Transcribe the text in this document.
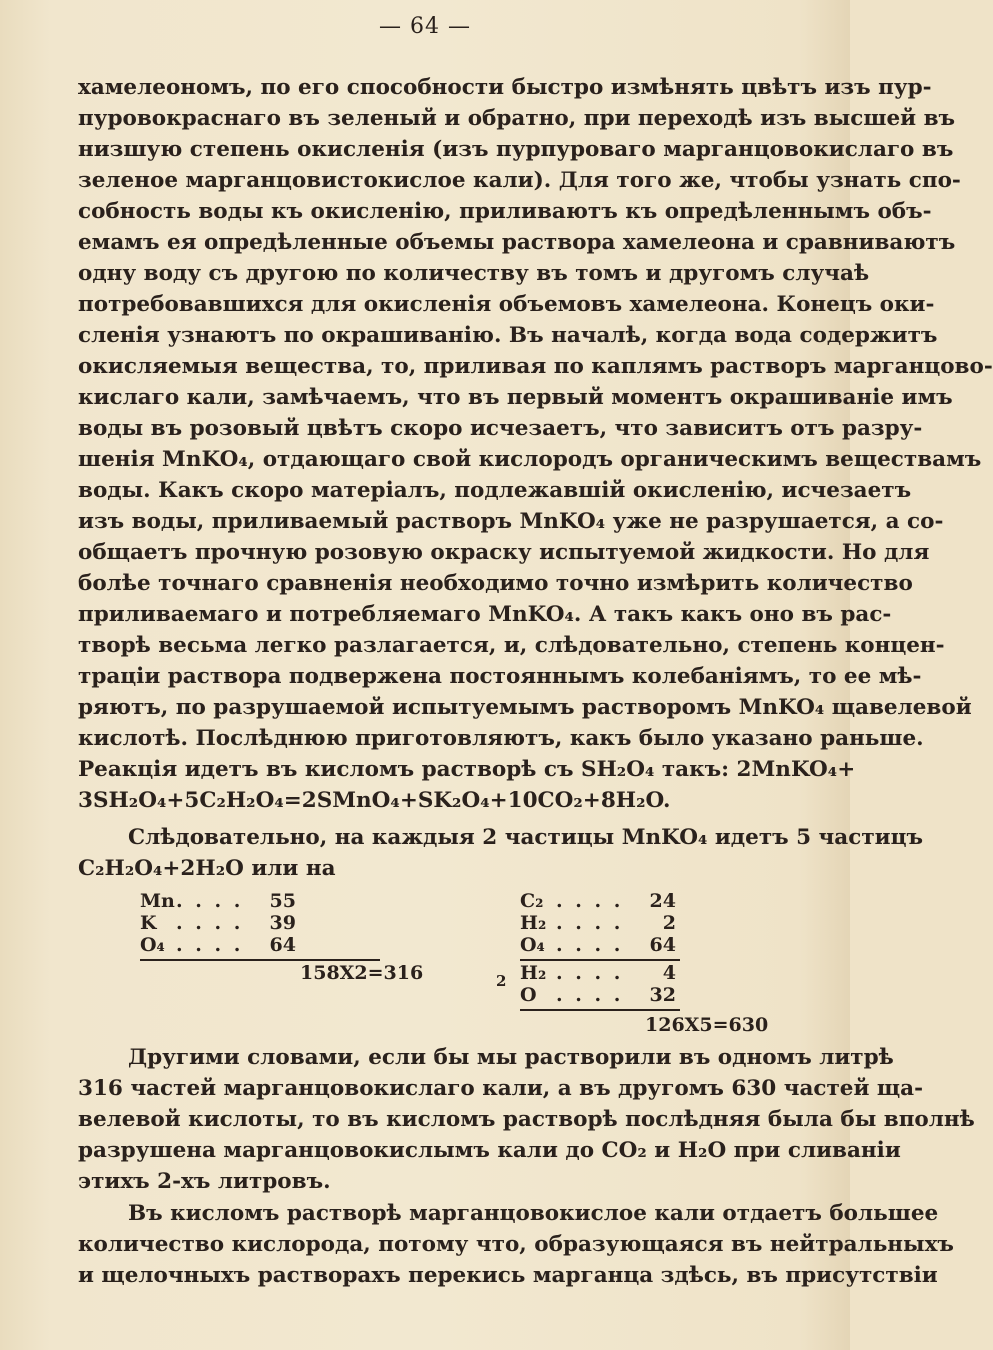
— 64 —
хамелеономъ, по его способности быстро измѣнять цвѣтъ изъ пур-
пуровокраснаго въ зеленый и обратно, при переходѣ изъ высшей въ
низшую степень окисленія (изъ пурпуроваго марганцовокислаго въ
зеленое марганцовистокислое кали). Для того же, чтобы узнать спо-
собность воды къ окисленію, приливаютъ къ опредѣленнымъ объ-
емамъ ея опредѣленные объемы раствора хамелеона и сравниваютъ
одну воду съ другою по количеству въ томъ и другомъ случаѣ
потребовавшихся для окисленія объемовъ хамелеона. Конецъ оки-
сленія узнаютъ по окрашиванію. Въ началѣ, когда вода содержитъ
окисляемыя вещества, то, приливая по каплямъ растворъ марганцово-
кислаго кали, замѣчаемъ, что въ первый моментъ окрашиваніе имъ
воды въ розовый цвѣтъ скоро исчезаетъ, что зависитъ отъ разру-
шенія MnKO₄, отдающаго свой кислородъ органическимъ веществамъ
воды. Какъ скоро матеріалъ, подлежавшій окисленію, исчезаетъ
изъ воды, приливаемый растворъ MnKO₄ уже не разрушается, а со-
общаетъ прочную розовую окраску испытуемой жидкости. Но для
болѣе точнаго сравненія необходимо точно измѣрить количество
приливаемаго и потребляемаго MnKO₄. А такъ какъ оно въ рас-
творѣ весьма легко разлагается, и, слѣдовательно, степень концен-
траціи раствора подвержена постояннымъ колебаніямъ, то ее мѣ-
ряютъ, по разрушаемой испытуемымъ растворомъ MnKO₄ щавелевой
кислотѣ. Послѣднюю приготовляютъ, какъ было указано раньше.
Реакція идетъ въ кисломъ растворѣ съ SH₂O₄ такъ: 2MnKO₄+
3SH₂O₄+5C₂H₂O₄=2SMnO₄+SK₂O₄+10CO₂+8H₂O.
Слѣдовательно, на каждыя 2 частицы MnKO₄ идетъ 5 частицъ
C₂H₂O₄+2H₂O или на
Mn. . . . 55
K . . . . 39
O₄ . . . . 64
158X2=316
C₂ . . . . 24
H₂ . . . . 2
O₄ . . . . 64
2 H₂ . . . . 4
O . . . . 32
126X5=630
Другими словами, если бы мы растворили въ одномъ литрѣ
316 частей марганцовокислаго кали, а въ другомъ 630 частей ща-
велевой кислоты, то въ кисломъ растворѣ послѣдняя была бы вполнѣ
разрушена марганцовокислымъ кали до CO₂ и H₂O при сливаніи
этихъ 2-хъ литровъ.
Въ кисломъ растворѣ марганцовокислое кали отдаетъ большее
количество кислорода, потому что, образующаяся въ нейтральныхъ
и щелочныхъ растворахъ перекись марганца здѣсь, въ присутствіи
